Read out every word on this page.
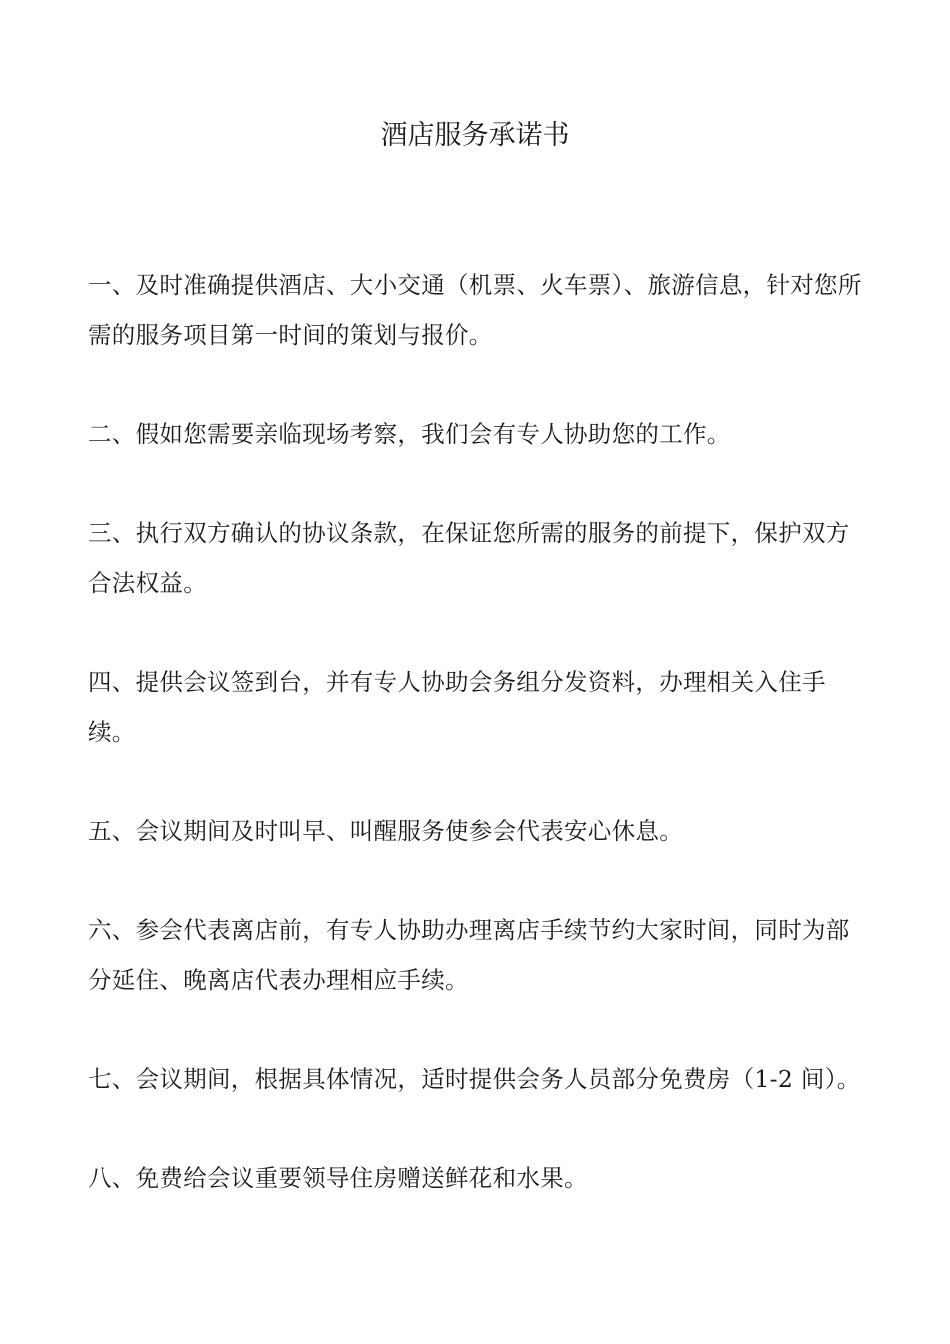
酒店服务承诺书

一、及时准确提供酒店、大小交通（机票、火车票）、旅游信息，针对您所需的服务项目第一时间的策划与报价。

二、假如您需要亲临现场考察，我们会有专人协助您的工作。

三、执行双方确认的协议条款，在保证您所需的服务的前提下，保护双方合法权益。

四、提供会议签到台，并有专人协助会务组分发资料，办理相关入住手续。

五、会议期间及时叫早、叫醒服务使参会代表安心休息。

六、参会代表离店前，有专人协助办理离店手续节约大家时间，同时为部分延住、晚离店代表办理相应手续。

七、会议期间，根据具体情况，适时提供会务人员部分免费房（1-2 间）。

八、免费给会议重要领导住房赠送鲜花和水果。
